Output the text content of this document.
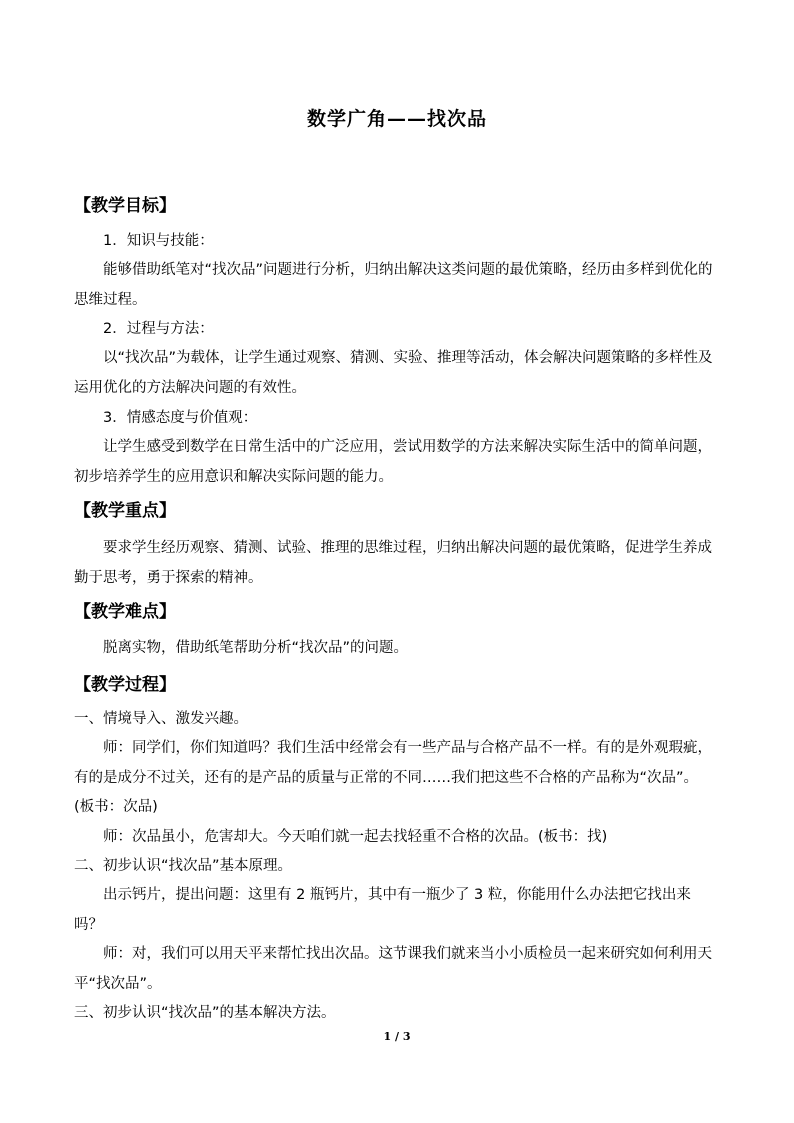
数学广角——找次品
【教学目标】
1．知识与技能：
能够借助纸笔对“找次品”问题进行分析，归纳出解决这类问题的最优策略，经历由多样到优化的思维过程。
2．过程与方法：
以“找次品”为载体，让学生通过观察、猜测、实验、推理等活动，体会解决问题策略的多样性及运用优化的方法解决问题的有效性。
3．情感态度与价值观：
让学生感受到数学在日常生活中的广泛应用，尝试用数学的方法来解决实际生活中的简单问题，初步培养学生的应用意识和解决实际问题的能力。
【教学重点】
要求学生经历观察、猜测、试验、推理的思维过程，归纳出解决问题的最优策略，促进学生养成勤于思考，勇于探索的精神。
【教学难点】
脱离实物，借助纸笔帮助分析“找次品”的问题。
【教学过程】
一、情境导入、激发兴趣。
师：同学们，你们知道吗？我们生活中经常会有一些产品与合格产品不一样。有的是外观瑕疵，有的是成分不过关，还有的是产品的质量与正常的不同……我们把这些不合格的产品称为“次品”。(板书：次品)
师：次品虽小，危害却大。今天咱们就一起去找轻重不合格的次品。(板书：找)
二、初步认识“找次品”基本原理。
出示钙片，提出问题：这里有 2 瓶钙片，其中有一瓶少了 3 粒，你能用什么办法把它找出来吗？
师：对，我们可以用天平来帮忙找出次品。这节课我们就来当小小质检员一起来研究如何利用天平“找次品”。
三、初步认识“找次品”的基本解决方法。
1 / 3
